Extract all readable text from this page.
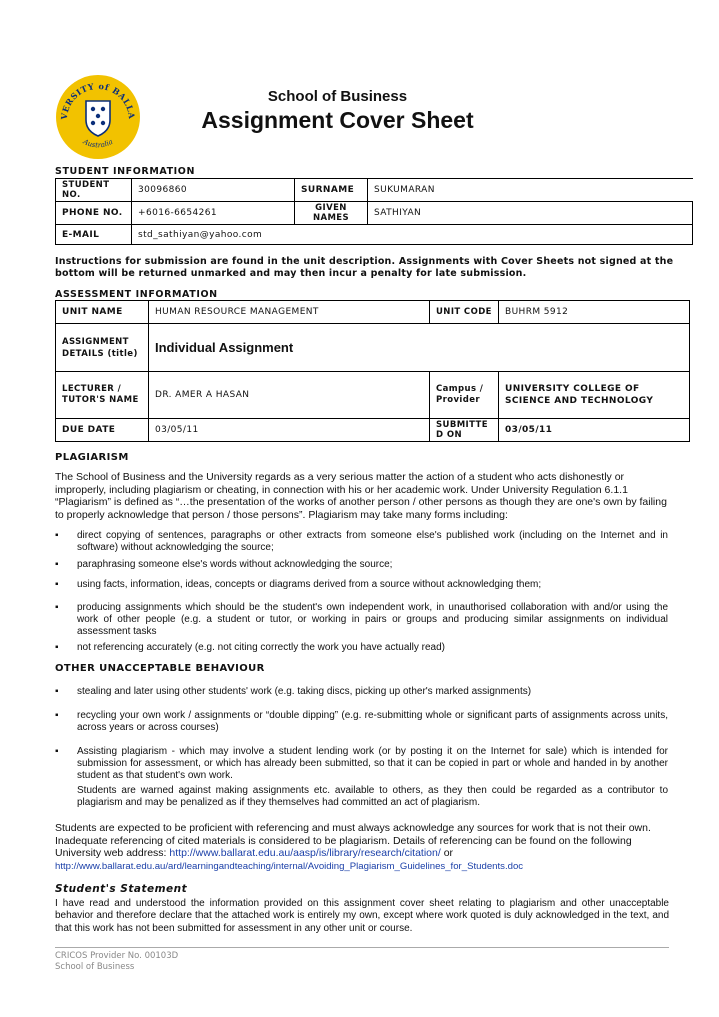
VERSITY of BALLA
Australia
School of Business
Assignment Cover Sheet
STUDENT INFORMATION
STUDENT NO.	30096860	SURNAME	SUKUMARAN
PHONE NO.	+6016-6654261	GIVEN NAMES	SATHIYAN
E-MAIL	std_sathiyan@yahoo.com		
Instructions for submission are found in the unit description. Assignments with Cover Sheets not signed at the bottom will be returned unmarked and may then incur a penalty for late submission.
ASSESSMENT INFORMATION
UNIT NAME	HUMAN RESOURCE MANAGEMENT	UNIT CODE	BUHRM 5912
ASSIGNMENT DETAILS (title)	Individual Assignment		
LECTURER / TUTOR'S NAME	DR. AMER A HASAN	Campus / Provider	UNIVERSITY COLLEGE OF SCIENCE AND TECHNOLOGY
DUE DATE	03/05/11	SUBMITTED ON	03/05/11
PLAGIARISM
The School of Business and the University regards as a very serious matter the action of a student who acts dishonestly or improperly, including plagiarism or cheating, in connection with his or her academic work. Under University Regulation 6.1.1 “Plagiarism” is defined as “…the presentation of the works of another person / other persons as though they are one's own by failing to properly acknowledge that person / those persons”. Plagiarism may take many forms including:
▪ direct copying of sentences, paragraphs or other extracts from someone else's published work (including on the Internet and in software) without acknowledging the source;
▪ paraphrasing someone else's words without acknowledging the source;
▪ using facts, information, ideas, concepts or diagrams derived from a source without acknowledging them;
▪ producing assignments which should be the student's own independent work, in unauthorised collaboration with and/or using the work of other people (e.g. a student or tutor, or working in pairs or groups and producing similar assignments on individual assessment tasks
▪ not referencing accurately (e.g. not citing correctly the work you have actually read)
OTHER UNACCEPTABLE BEHAVIOUR
▪ stealing and later using other students' work (e.g. taking discs, picking up other's marked assignments)
▪ recycling your own work / assignments or “double dipping” (e.g. re-submitting whole or significant parts of assignments across units, across years or across courses)
▪ Assisting plagiarism - which may involve a student lending work (or by posting it on the Internet for sale) which is intended for submission for assessment, or which has already been submitted, so that it can be copied in part or whole and handed in by another student as that student's own work.
Students are warned against making assignments etc. available to others, as they then could be regarded as a contributor to plagiarism and may be penalized as if they themselves had committed an act of plagiarism.
Students are expected to be proficient with referencing and must always acknowledge any sources for work that is not their own. Inadequate referencing of cited materials is considered to be plagiarism. Details of referencing can be found on the following University web address: http://www.ballarat.edu.au/aasp/is/library/research/citation/ or
http://www.ballarat.edu.au/ard/learningandteaching/internal/Avoiding_Plagiarism_Guidelines_for_Students.doc
Student's Statement
I have read and understood the information provided on this assignment cover sheet relating to plagiarism and other unacceptable behavior and therefore declare that the attached work is entirely my own, except where work quoted is duly acknowledged in the text, and that this work has not been submitted for assessment in any other unit or course.
CRICOS Provider No. 00103D
School of Business
